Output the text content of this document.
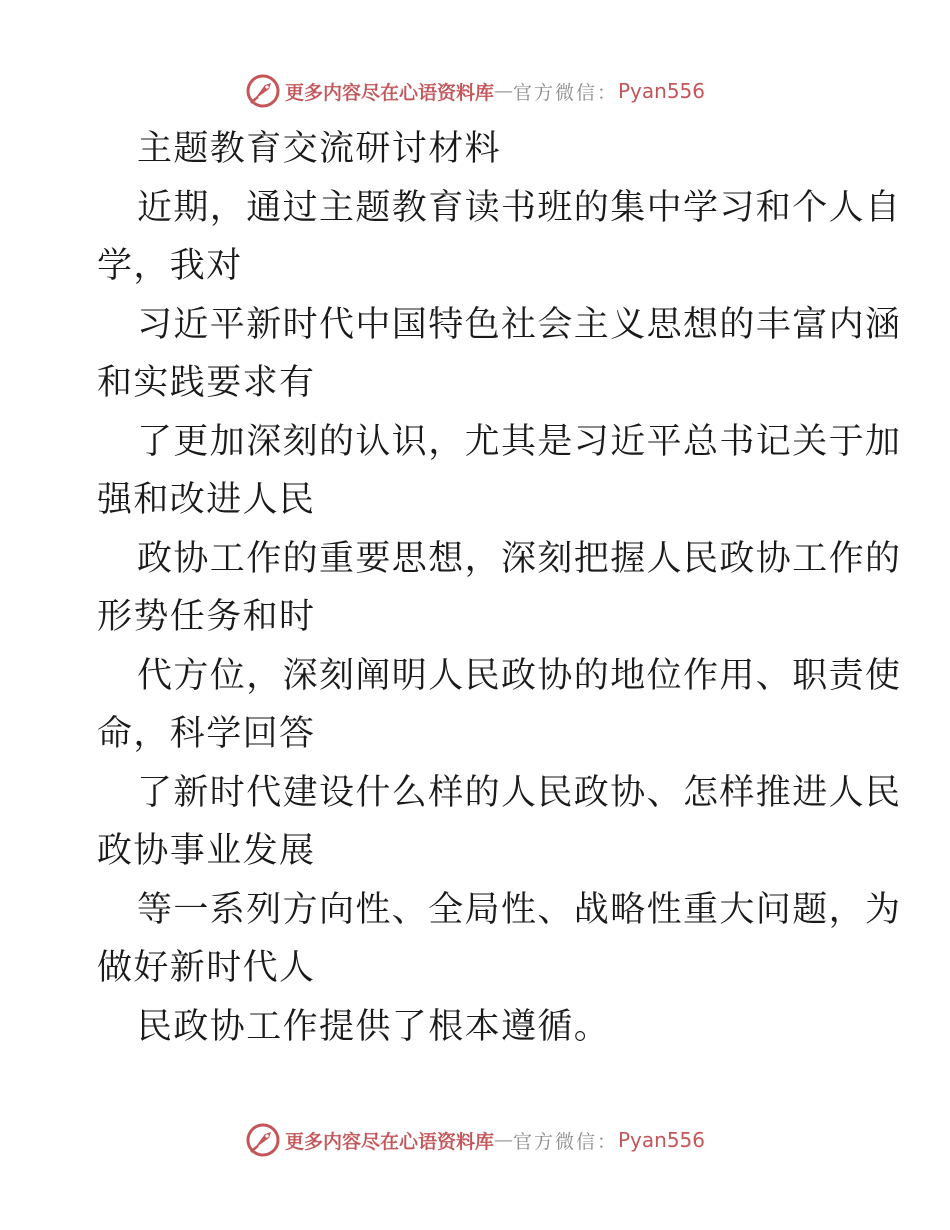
更多内容尽在心语资料库 — 官方微信： Pyan556
主题教育交流研讨材料
近期，通过主题教育读书班的集中学习和个人自
学，我对
习近平新时代中国特色社会主义思想的丰富内涵
和实践要求有
了更加深刻的认识，尤其是习近平总书记关于加
强和改进人民
政协工作的重要思想，深刻把握人民政协工作的
形势任务和时
代方位，深刻阐明人民政协的地位作用、职责使
命，科学回答
了新时代建设什么样的人民政协、怎样推进人民
政协事业发展
等一系列方向性、全局性、战略性重大问题，为
做好新时代人
民政协工作提供了根本遵循。
更多内容尽在心语资料库 — 官方微信： Pyan556
